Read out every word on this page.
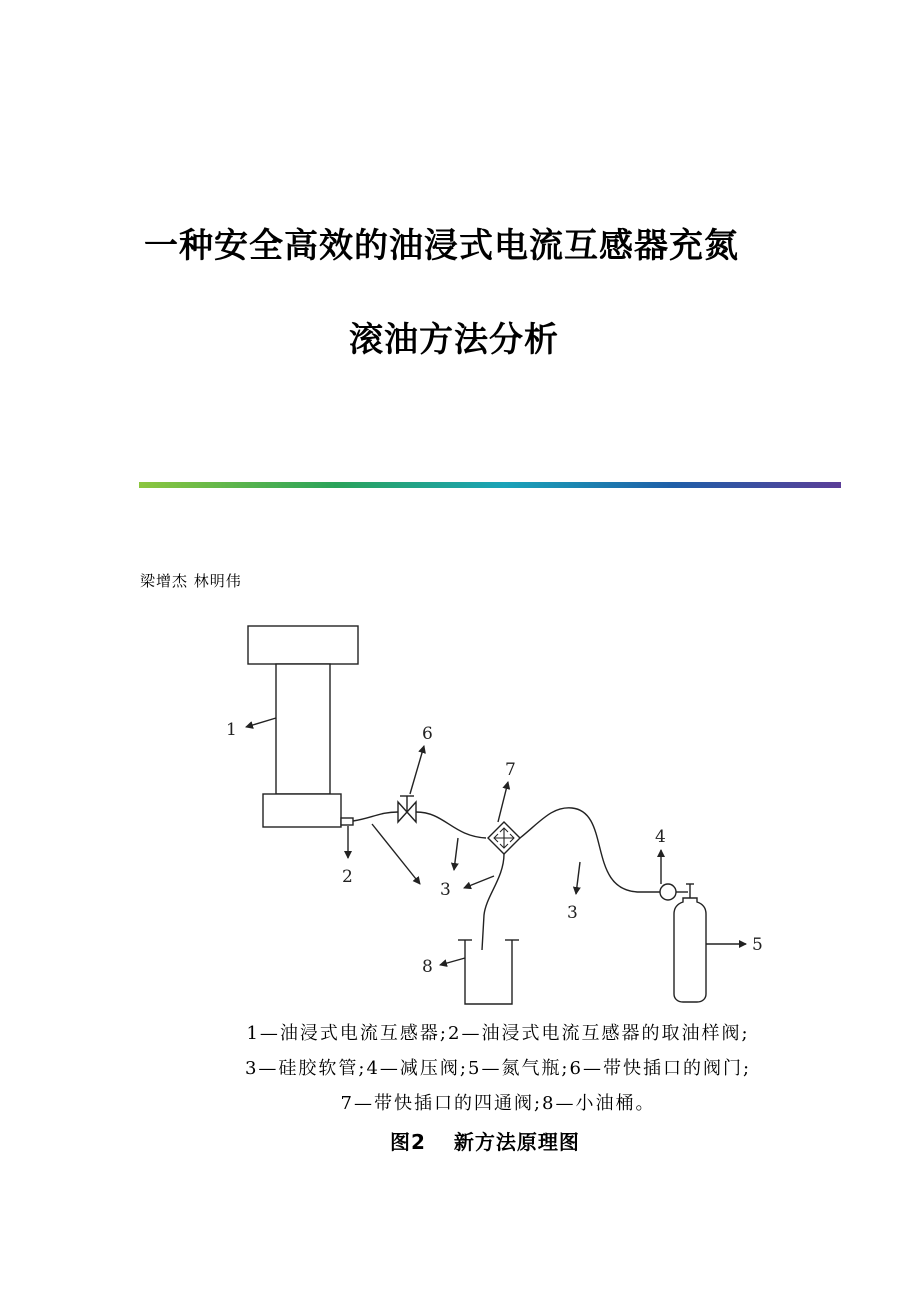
一种安全高效的油浸式电流互感器充氮
滚油方法分析
梁增杰 林明伟
1
2
3
3
4
5
6
7
8
1—油浸式电流互感器;2—油浸式电流互感器的取油样阀;
3—硅胶软管;4—减压阀;5—氮气瓶;6—带快插口的阀门;
7—带快插口的四通阀;8—小油桶。
图2 新方法原理图
